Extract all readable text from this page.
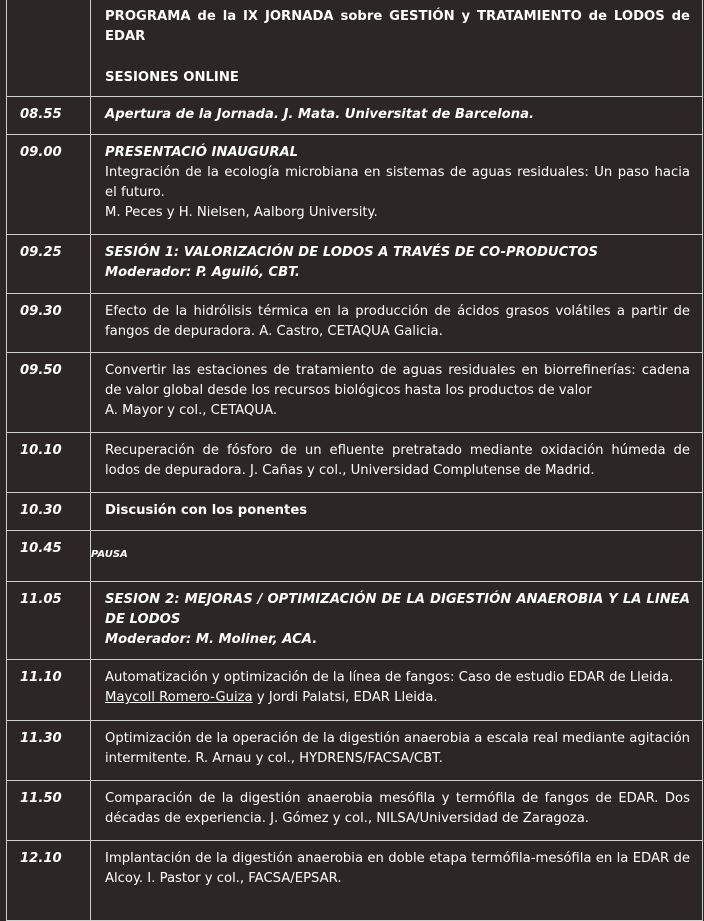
	PROGRAMA de la IX JORNADA sobre GESTIÓN y TRATAMIENTO de LODOS de EDAR
SESIONES ONLINE

08.55	Apertura de la Jornada. J. Mata. Universitat de Barcelona.
09.00	PRESENTACIÓ INAUGURAL
Integración de la ecología microbiana en sistemas de aguas residuales: Un paso hacia el futuro.
M. Peces y H. Nielsen, Aalborg University.

09.25	SESIÓN 1: VALORIZACIÓN DE LODOS A TRAVÉS DE CO-PRODUCTOS
Moderador: P. Aguiló, CBT.

09.30	Efecto de la hidrólisis térmica en la producción de ácidos grasos volátiles a partir de fangos de depuradora. A. Castro, CETAQUA Galicia.
09.50	Convertir las estaciones de tratamiento de aguas residuales en biorrefinerías: cadena de valor global desde los recursos biológicos hasta los productos de valor
A. Mayor y col., CETAQUA.

10.10	Recuperación de fósforo de un efluente pretratado mediante oxidación húmeda de lodos de depuradora. J. Cañas y col., Universidad Complutense de Madrid.
10.30	Discusión con los ponentes
10.45	PAUSA

11.05	SESION 2: MEJORAS / OPTIMIZACIÓN DE LA DIGESTIÓN ANAEROBIA Y LA LINEA DE LODOS
Moderador: M. Moliner, ACA.

11.10	Automatización y optimización de la línea de fangos: Caso de estudio EDAR de Lleida.
Maycoll Romero-Guiza y Jordi Palatsi, EDAR Lleida.

11.30	Optimización de la operación de la digestión anaerobia a escala real mediante agitación intermitente. R. Arnau y col., HYDRENS/FACSA/CBT.
11.50	Comparación de la digestión anaerobia mesófila y termófila de fangos de EDAR. Dos décadas de experiencia. J. Gómez y col., NILSA/Universidad de Zaragoza.
12.10	Implantación de la digestión anaerobia en doble etapa termófila-mesófila en la EDAR de Alcoy. I. Pastor y col., FACSA/EPSAR.
